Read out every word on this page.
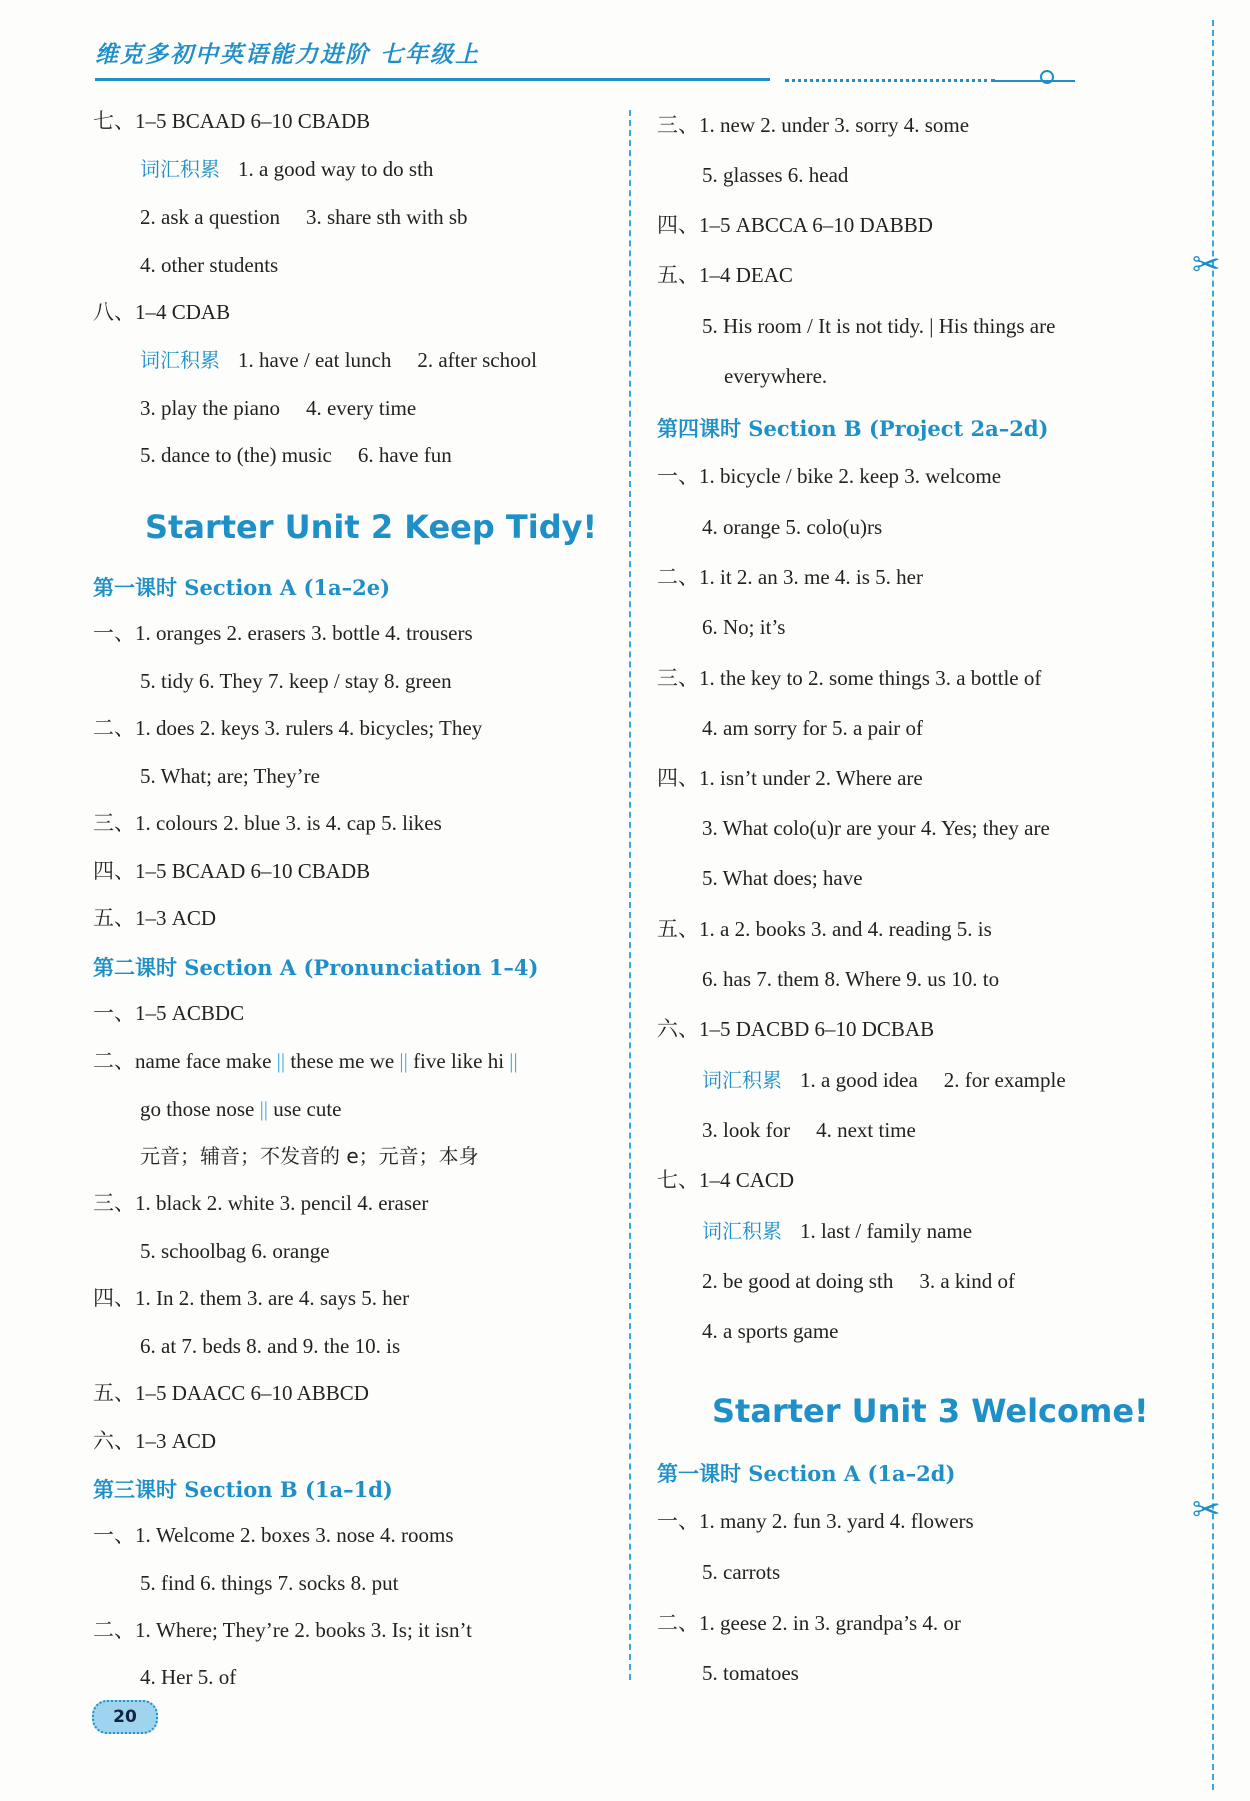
维克多初中英语能力进阶 七年级上
✂
✂
七、1–5 BCAAD 6–10 CBADB
词汇积累 1. a good way to do sth
2. ask a question 3. share sth with sb
4. other students
八、1–4 CDAB
词汇积累 1. have / eat lunch 2. after school
3. play the piano 4. every time
5. dance to (the) music 6. have fun
Starter Unit 2 Keep Tidy!
第一课时 Section A (1a–2e)
一、1. oranges 2. erasers 3. bottle 4. trousers
5. tidy 6. They 7. keep / stay 8. green
二、1. does 2. keys 3. rulers 4. bicycles; They
5. What; are; They’re
三、1. colours 2. blue 3. is 4. cap 5. likes
四、1–5 BCAAD 6–10 CBADB
五、1–3 ACD
第二课时 Section A (Pronunciation 1–4)
一、1–5 ACBDC
二、name face make || these me we || five like hi ||
go those nose || use cute
元音；辅音；不发音的 e；元音；本身
三、1. black 2. white 3. pencil 4. eraser
5. schoolbag 6. orange
四、1. In 2. them 3. are 4. says 5. her
6. at 7. beds 8. and 9. the 10. is
五、1–5 DAACC 6–10 ABBCD
六、1–3 ACD
第三课时 Section B (1a–1d)
一、1. Welcome 2. boxes 3. nose 4. rooms
5. find 6. things 7. socks 8. put
二、1. Where; They’re 2. books 3. Is; it isn’t
4. Her 5. of
20
三、1. new 2. under 3. sorry 4. some
5. glasses 6. head
四、1–5 ABCCA 6–10 DABBD
五、1–4 DEAC
5. His room / It is not tidy. | His things are
everywhere.
第四课时 Section B (Project 2a–2d)
一、1. bicycle / bike 2. keep 3. welcome
4. orange 5. colo(u)rs
二、1. it 2. an 3. me 4. is 5. her
6. No; it’s
三、1. the key to 2. some things 3. a bottle of
4. am sorry for 5. a pair of
四、1. isn’t under 2. Where are
3. What colo(u)r are your 4. Yes; they are
5. What does; have
五、1. a 2. books 3. and 4. reading 5. is
6. has 7. them 8. Where 9. us 10. to
六、1–5 DACBD 6–10 DCBAB
词汇积累 1. a good idea 2. for example
3. look for 4. next time
七、1–4 CACD
词汇积累 1. last / family name
2. be good at doing sth 3. a kind of
4. a sports game
Starter Unit 3 Welcome!
第一课时 Section A (1a–2d)
一、1. many 2. fun 3. yard 4. flowers
5. carrots
二、1. geese 2. in 3. grandpa’s 4. or
5. tomatoes
